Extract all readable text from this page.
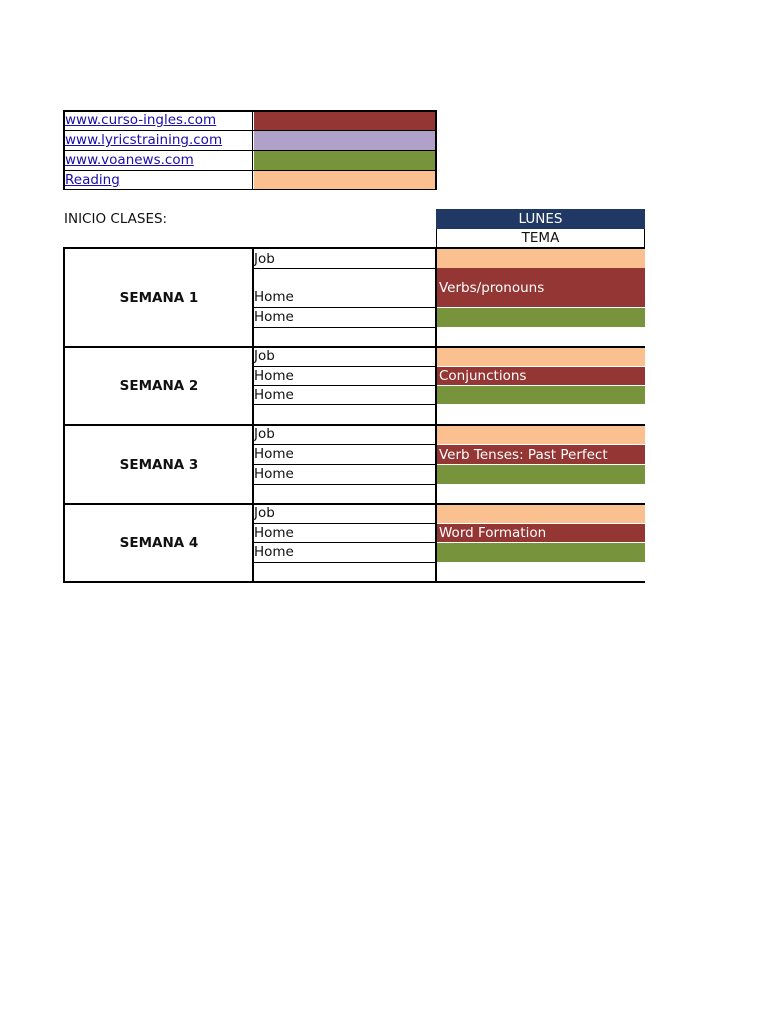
www.curso-ingles.com
www.lyricstraining.com
www.voanews.com
Reading
INICIO CLASES:	LUNES
TEMA
SEMANA 1
Job
Home
Home
Verbs/pronouns
SEMANA 2
Job
Home
Home
Conjunctions
SEMANA 3
Job
Home
Home
Verb Tenses: Past Perfect
SEMANA 4
Job
Home
Home
Word Formation
